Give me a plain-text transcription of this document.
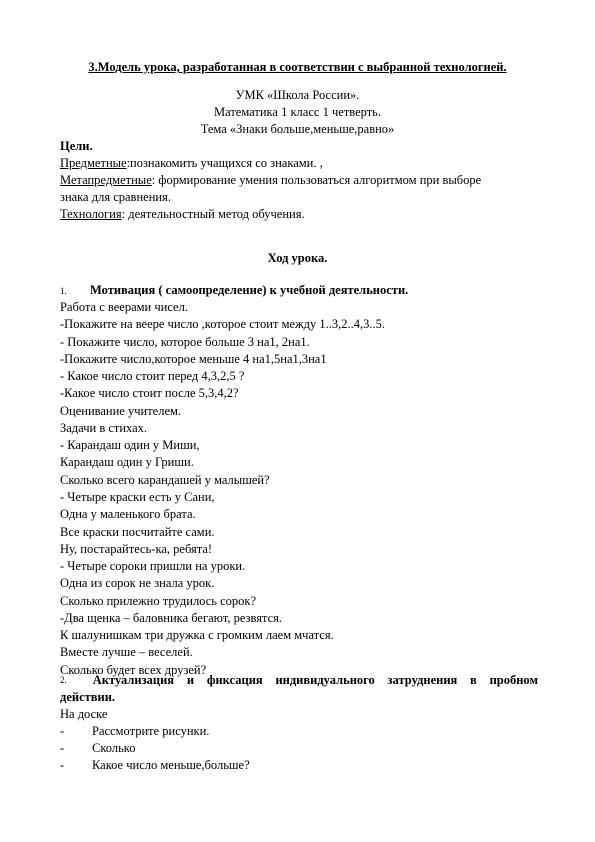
3.Модель урока, разработанная в соответствии с выбранной технологией.
УМК «Школа России».
Математика 1 класс 1 четверть.
Тема «Знаки больше,меньше,равно»
Цели.
Предметные:познакомить учащихся со знаками. ,
Метапредметные: формирование умения пользоваться алгоритмом при выборе
знака для сравнения.
Технология: деятельностный метод обучения.
Ход урока.
1. Мотивация ( самоопределение) к учебной деятельности.
Работа с веерами чисел.
-Покажите на веере число ,которое стоит между 1..3,2..4,3..5.
- Покажите число, которое больше 3 на1, 2на1.
-Покажите число,которое меньше 4 на1,5на1,3на1
- Какое число стоит перед 4,3,2,5 ?
-Какое число стоит после 5,3,4,2?
Оценивание учителем.
Задачи в стихах.
- Карандаш один у Миши,
Карандаш один у Гриши.
Сколько всего карандашей у малышей?
- Четыре краски есть у Сани,
Одна у маленького брата.
Все краски посчитайте сами.
Ну, постарайтесь-ка, ребята!
- Четыре сороки пришли на уроки.
Одна из сорок не знала урок.
Сколько прилежно трудилось сорок?
-Два щенка – баловника бегают, резвятся.
К шалунишкам три дружка с громким лаем мчатся.
Вместе лучше – веселей.
Сколько будет всех друзей?
2.	Актуализация и фиксация индивидуального затруднения в пробном
действии.
На доске
- Рассмотрите рисунки.
- Сколько
- Какое число меньше,больше?
